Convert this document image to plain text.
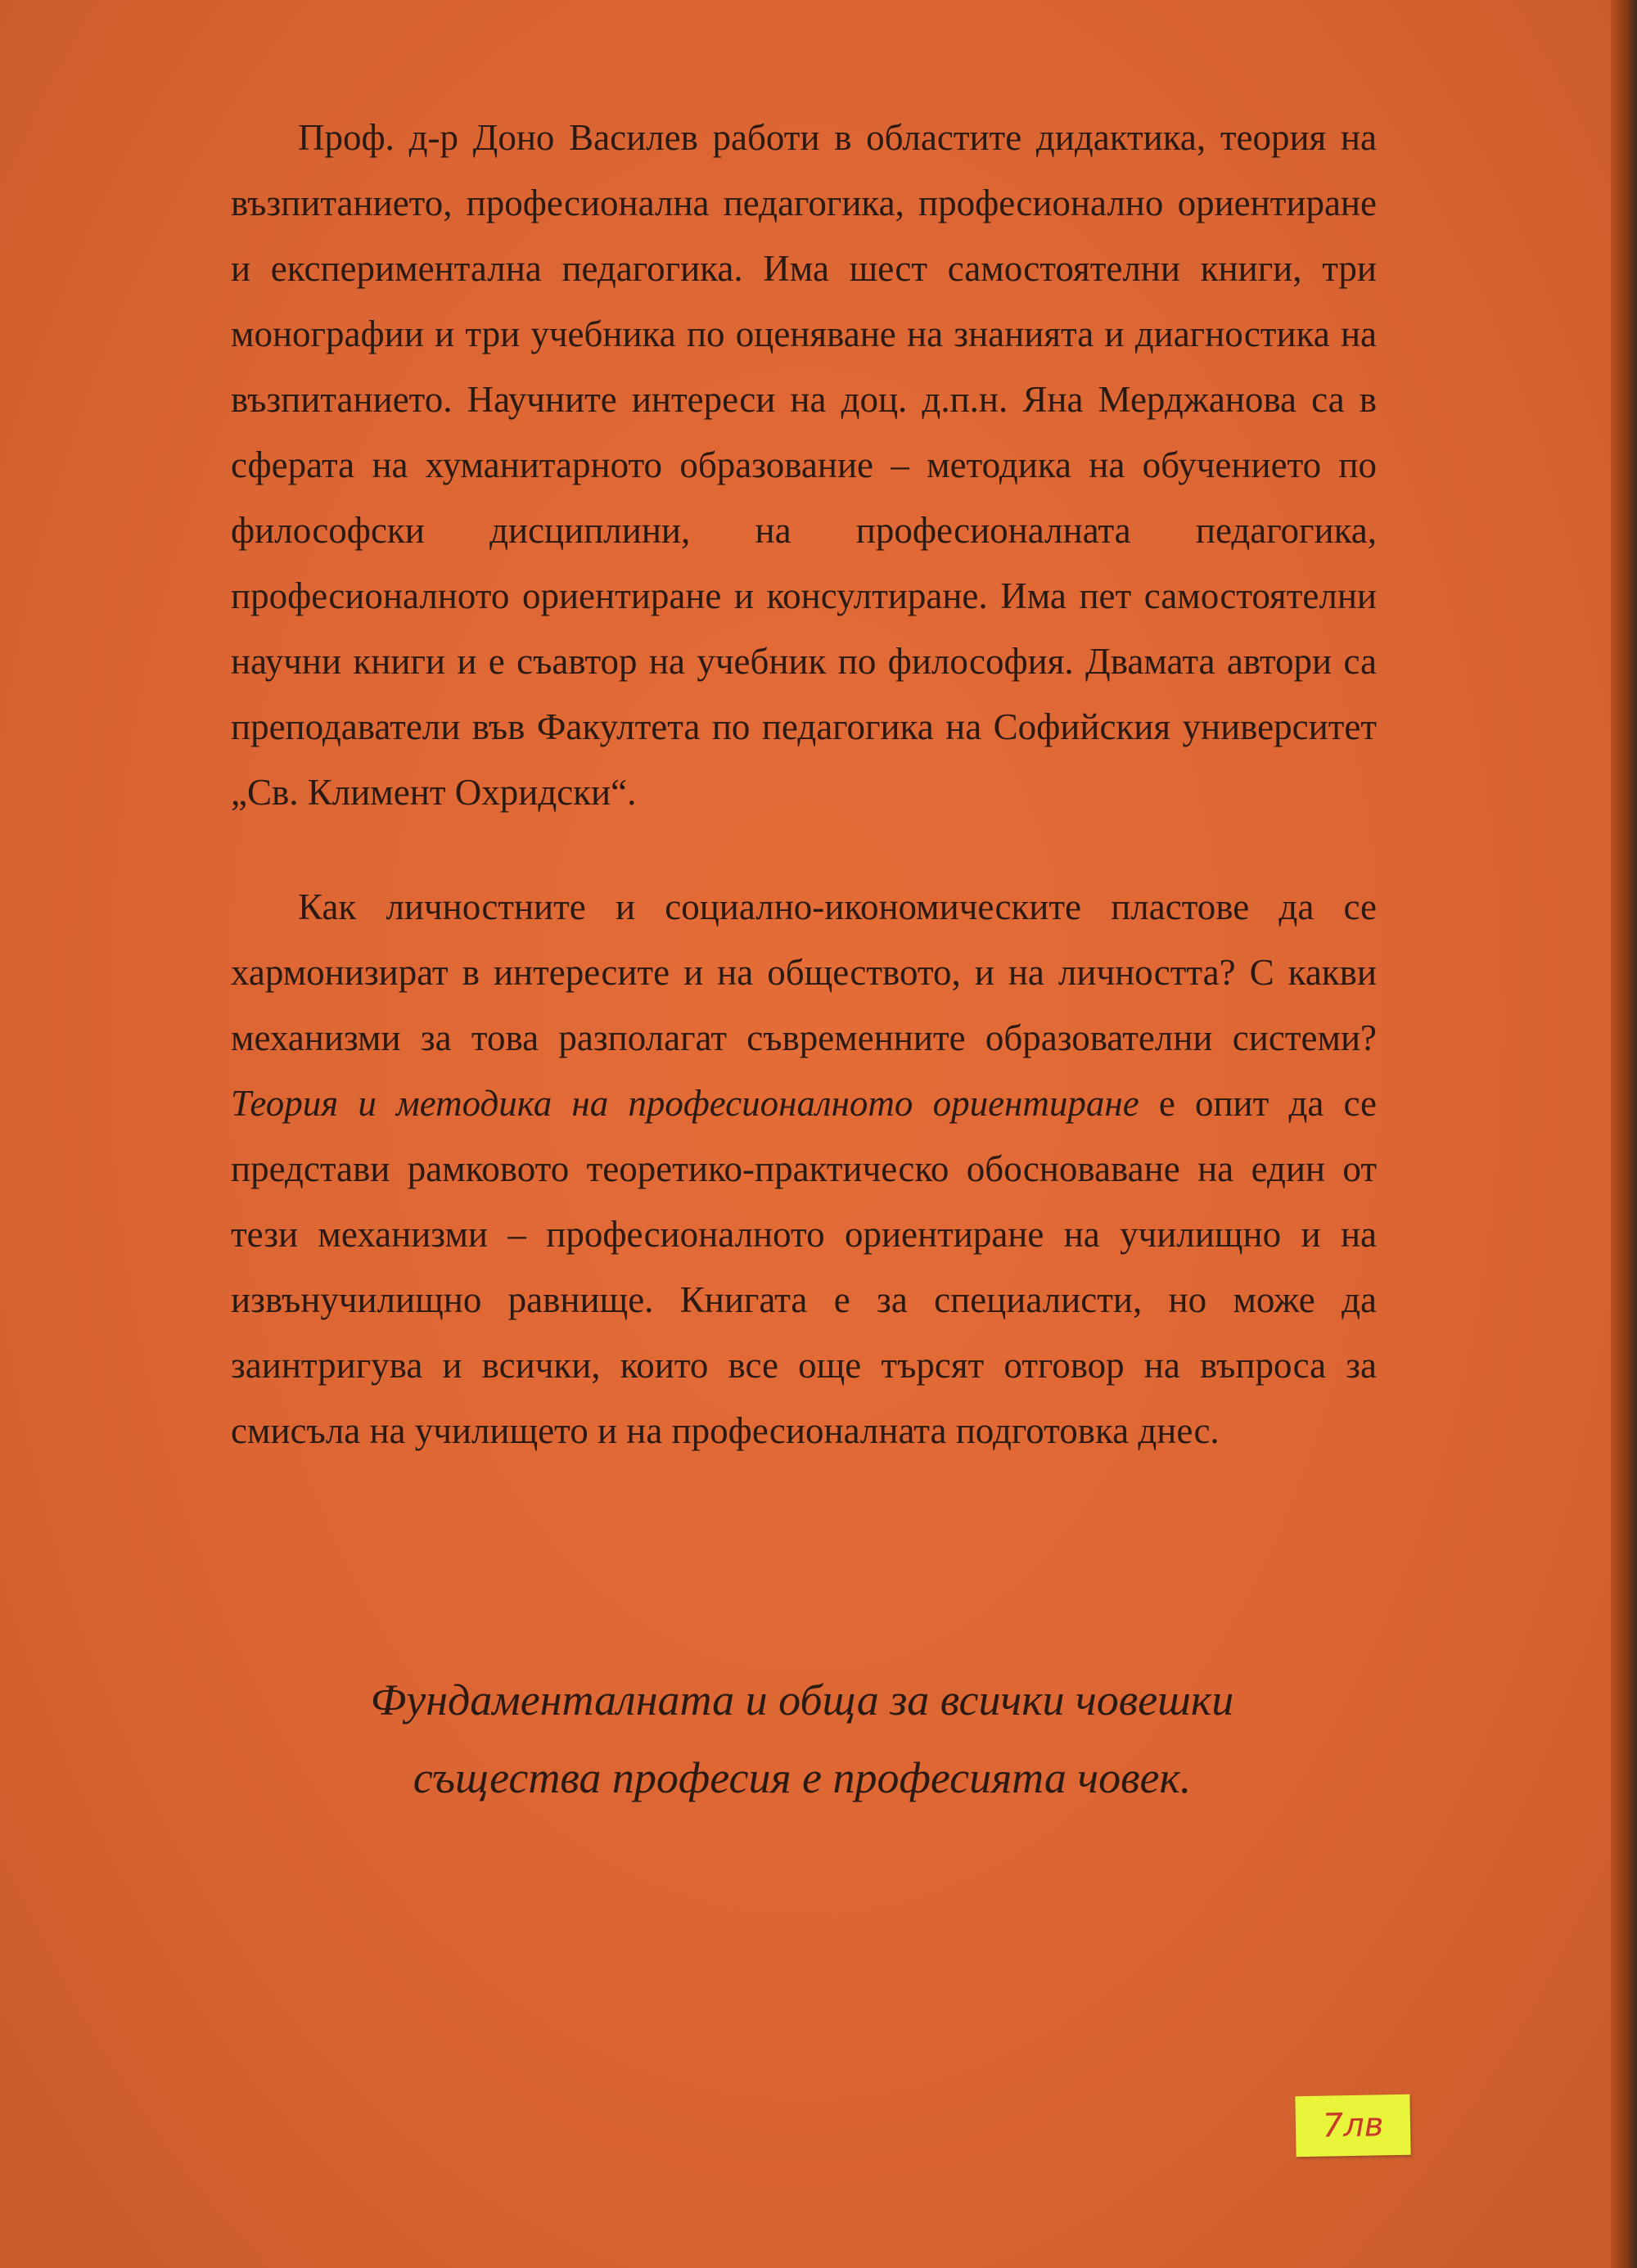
Проф. д-р Доно Василев работи в областите дидактика, теория на възпитанието, професионална педагогика, професионално ориентиране и експериментална педагогика. Има шест самостоятелни книги, три монографии и три учебника по оценяване на знанията и диагностика на възпитанието. Научните интереси на доц. д.п.н. Яна Мерджанова са в сферата на хуманитарното образование – методика на обучението по философски дисциплини, на професионалната педагогика, професионалното ориентиране и консултиране. Има пет самостоятелни научни книги и е съавтор на учебник по философия. Двамата автори са преподаватели във Факултета по педагогика на Софийския университет „Св. Климент Охридски“.

Как личностните и социално-икономическите пластове да се хармонизират в интересите и на обществото, и на личността? С какви механизми за това разполагат съвременните образователни системи? Теория и методика на професионалното ориентиране е опит да се представи рамковото теоретико-практическо обосноваване на един от тези механизми – професионалното ориентиране на училищно и на извънучилищно равнище. Книгата е за специалисти, но може да заинтригува и всички, които все още търсят отговор на въпроса за смисъла на училището и на професионалната подготовка днес.

Фундаменталната и обща за всички човешки
същества професия е професията човек.
7лв
